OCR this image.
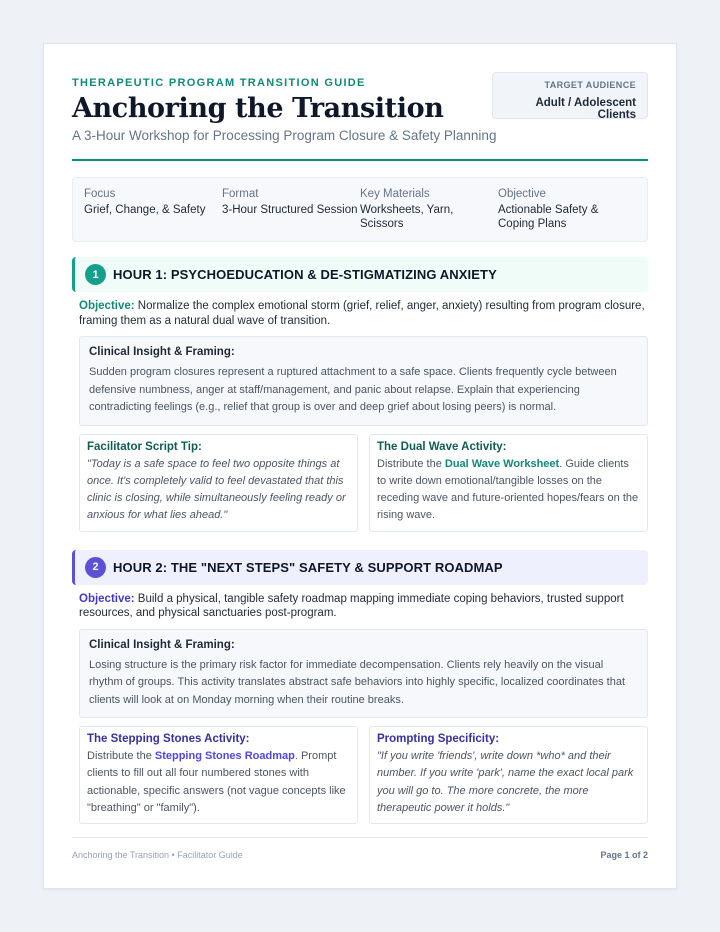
THERAPEUTIC PROGRAM TRANSITION GUIDE
Anchoring the Transition
A 3-Hour Workshop for Processing Program Closure & Safety Planning
TARGET AUDIENCE
Adult / Adolescent Clients
Focus
Grief, Change, & Safety
Format
3-Hour Structured Session
Key Materials
Worksheets, Yarn, Scissors
Objective
Actionable Safety & Coping Plans
1	HOUR 1: PSYCHOEDUCATION & DE-STIGMATIZING ANXIETY
Objective: Normalize the complex emotional storm (grief, relief, anger, anxiety) resulting from program closure, framing them as a natural dual wave of transition.
Clinical Insight & Framing:
Sudden program closures represent a ruptured attachment to a safe space. Clients frequently cycle between defensive numbness, anger at staff/management, and panic about relapse. Explain that experiencing contradicting feelings (e.g., relief that group is over and deep grief about losing peers) is normal.
Facilitator Script Tip:
"Today is a safe space to feel two opposite things at once. It's completely valid to feel devastated that this clinic is closing, while simultaneously feeling ready or anxious for what lies ahead."
The Dual Wave Activity:
Distribute the Dual Wave Worksheet. Guide clients to write down emotional/tangible losses on the receding wave and future-oriented hopes/fears on the rising wave.
2	HOUR 2: THE "NEXT STEPS" SAFETY & SUPPORT ROADMAP
Objective: Build a physical, tangible safety roadmap mapping immediate coping behaviors, trusted support resources, and physical sanctuaries post-program.
Clinical Insight & Framing:
Losing structure is the primary risk factor for immediate decompensation. Clients rely heavily on the visual rhythm of groups. This activity translates abstract safe behaviors into highly specific, localized coordinates that clients will look at on Monday morning when their routine breaks.
The Stepping Stones Activity:
Distribute the Stepping Stones Roadmap. Prompt clients to fill out all four numbered stones with actionable, specific answers (not vague concepts like "breathing" or "family").
Prompting Specificity:
"If you write 'friends', write down *who* and their number. If you write 'park', name the exact local park you will go to. The more concrete, the more therapeutic power it holds."
Anchoring the Transition • Facilitator Guide	Page 1 of 2
